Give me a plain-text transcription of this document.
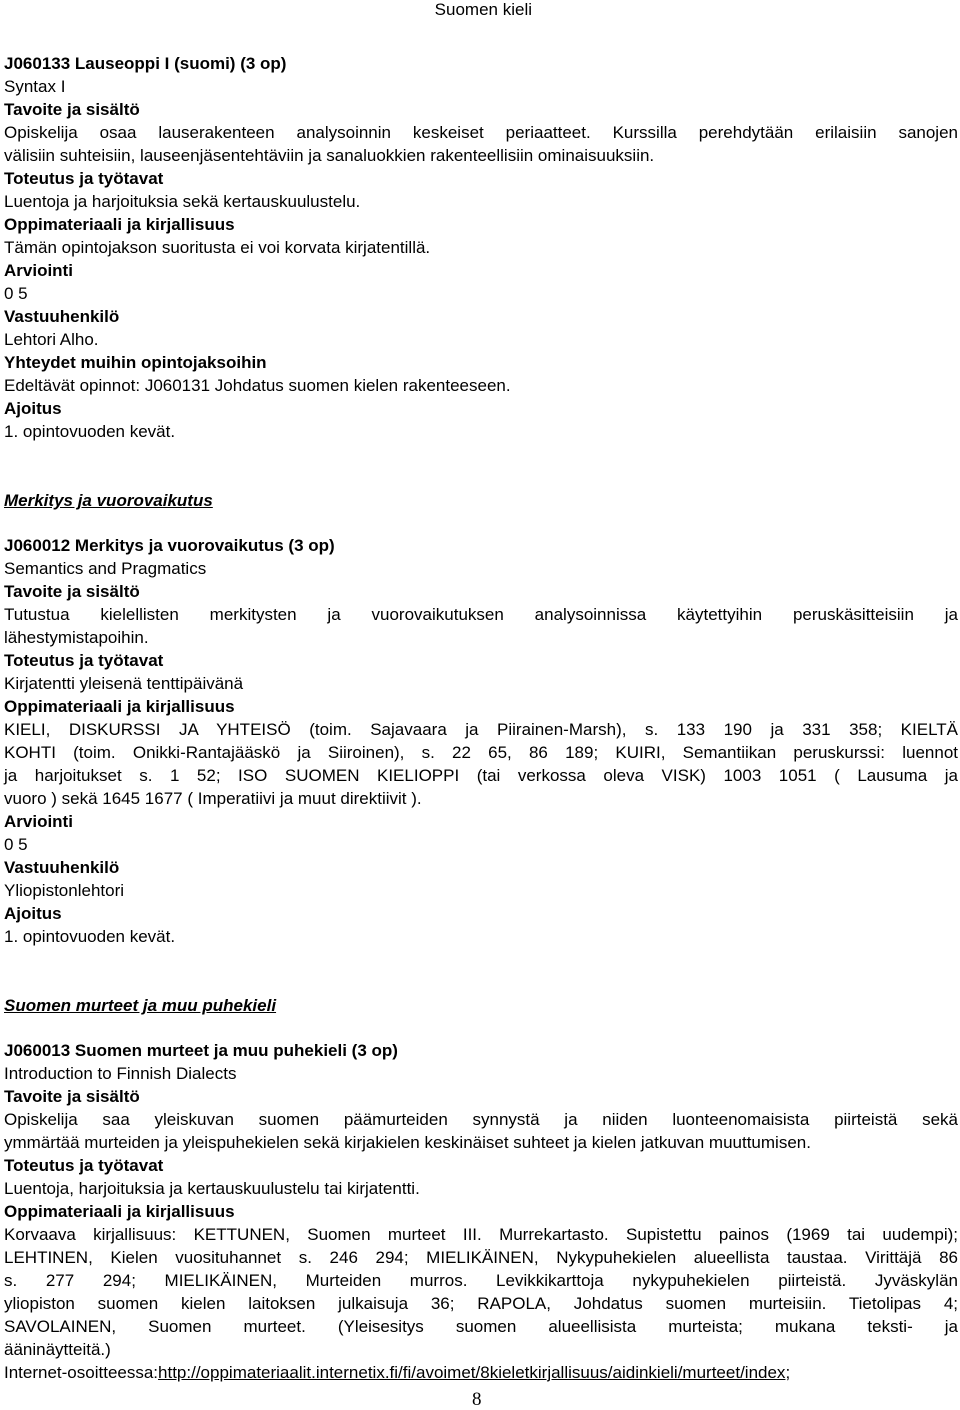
Suomen kieli
J060133 Lauseoppi I (suomi) (3 op)
Syntax I
Tavoite ja sisältö
Opiskelija osaa lauserakenteen analysoinnin keskeiset periaatteet. Kurssilla perehdytään erilaisiin sanojen
välisiin suhteisiin, lauseenjäsentehtäviin ja sanaluokkien rakenteellisiin ominaisuuksiin.
Toteutus ja työtavat
Luentoja ja harjoituksia sekä kertauskuulustelu.
Oppimateriaali ja kirjallisuus
Tämän opintojakson suoritusta ei voi korvata kirjatentillä.
Arviointi
0 5
Vastuuhenkilö
Lehtori Alho.
Yhteydet muihin opintojaksoihin
Edeltävät opinnot: J060131 Johdatus suomen kielen rakenteeseen.
Ajoitus
1. opintovuoden kevät.
Merkitys ja vuorovaikutus
J060012 Merkitys ja vuorovaikutus (3 op)
Semantics and Pragmatics
Tavoite ja sisältö
Tutustua kielellisten merkitysten ja vuorovaikutuksen analysoinnissa käytettyihin peruskäsitteisiin ja
lähestymistapoihin.
Toteutus ja työtavat
Kirjatentti yleisenä tenttipäivänä
Oppimateriaali ja kirjallisuus
KIELI, DISKURSSI JA YHTEISÖ (toim. Sajavaara ja Piirainen-Marsh), s. 133 190 ja 331 358; KIELTÄ
KOHTI (toim. Onikki-Rantajääskö ja Siiroinen), s. 22 65, 86 189; KUIRI, Semantiikan peruskurssi: luennot
ja harjoitukset s. 1 52; ISO SUOMEN KIELIOPPI (tai verkossa oleva VISK) 1003 1051 ( Lausuma ja
vuoro ) sekä 1645 1677 ( Imperatiivi ja muut direktiivit ).
Arviointi
0 5
Vastuuhenkilö
Yliopistonlehtori
Ajoitus
1. opintovuoden kevät.
Suomen murteet ja muu puhekieli
J060013 Suomen murteet ja muu puhekieli (3 op)
Introduction to Finnish Dialects
Tavoite ja sisältö
Opiskelija saa yleiskuvan suomen päämurteiden synnystä ja niiden luonteenomaisista piirteistä sekä
ymmärtää murteiden ja yleispuhekielen sekä kirjakielen keskinäiset suhteet ja kielen jatkuvan muuttumisen.
Toteutus ja työtavat
Luentoja, harjoituksia ja kertauskuulustelu tai kirjatentti.
Oppimateriaali ja kirjallisuus
Korvaava kirjallisuus: KETTUNEN, Suomen murteet III. Murrekartasto. Supistettu painos (1969 tai uudempi);
LEHTINEN, Kielen vuosituhannet s. 246 294; MIELIKÄINEN, Nykypuhekielen alueellista taustaa. Virittäjä 86
s. 277 294; MIELIKÄINEN, Murteiden murros. Levikkikarttoja nykypuhekielen piirteistä. Jyväskylän
yliopiston suomen kielen laitoksen julkaisuja 36; RAPOLA, Johdatus suomen murteisiin. Tietolipas 4;
SAVOLAINEN, Suomen murteet. (Yleisesitys suomen alueellisista murteista; mukana teksti- ja
ääninäytteitä.)
Internet-osoitteessa:http://oppimateriaalit.internetix.fi/fi/avoimet/8kieletkirjallisuus/aidinkieli/murteet/index;
8
